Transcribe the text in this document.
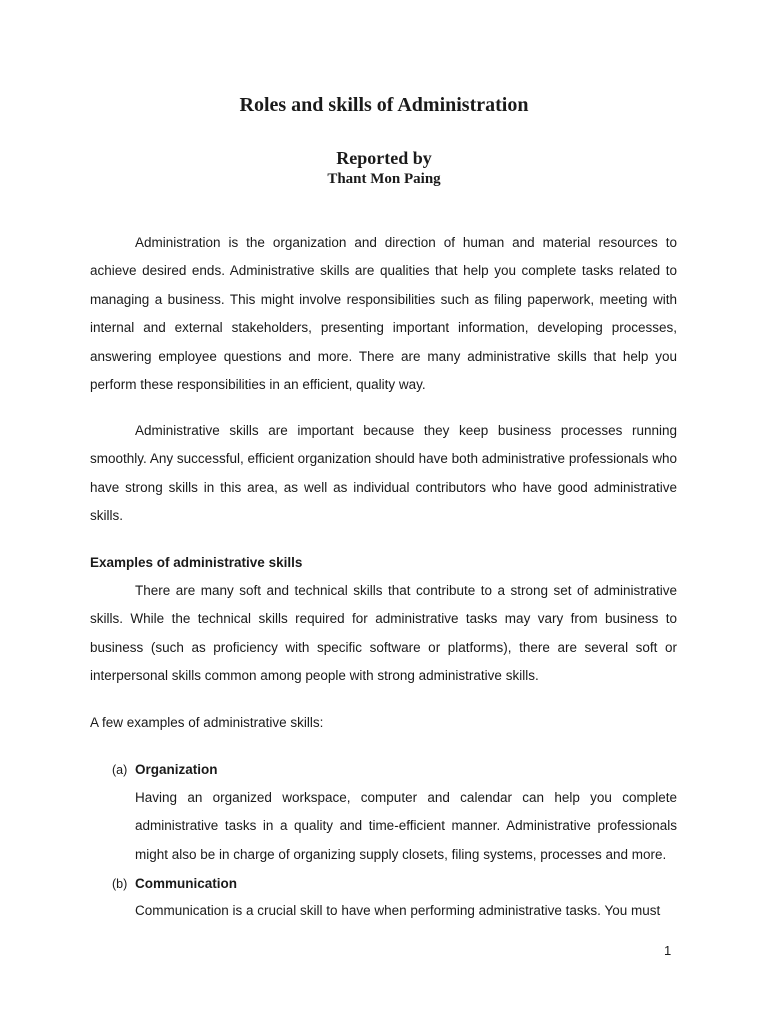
Roles and skills of Administration
Reported by
Thant Mon Paing

Administration is the organization and direction of human and material resources to achieve desired ends. Administrative skills are qualities that help you complete tasks related to managing a business. This might involve responsibilities such as filing paperwork, meeting with internal and external stakeholders, presenting important information, developing processes, answering employee questions and more. There are many administrative skills that help you perform these responsibilities in an efficient, quality way.

Administrative skills are important because they keep business processes running smoothly. Any successful, efficient organization should have both administrative professionals who have strong skills in this area, as well as individual contributors who have good administrative skills.

Examples of administrative skills

There are many soft and technical skills that contribute to a strong set of administrative skills. While the technical skills required for administrative tasks may vary from business to business (such as proficiency with specific software or platforms), there are several soft or interpersonal skills common among people with strong administrative skills.

A few examples of administrative skills:
(a) Organization

Having an organized workspace, computer and calendar can help you complete administrative tasks in a quality and time-efficient manner. Administrative professionals might also be in charge of organizing supply closets, filing systems, processes and more.

(b) Communication

Communication is a crucial skill to have when performing administrative tasks. You must

1
